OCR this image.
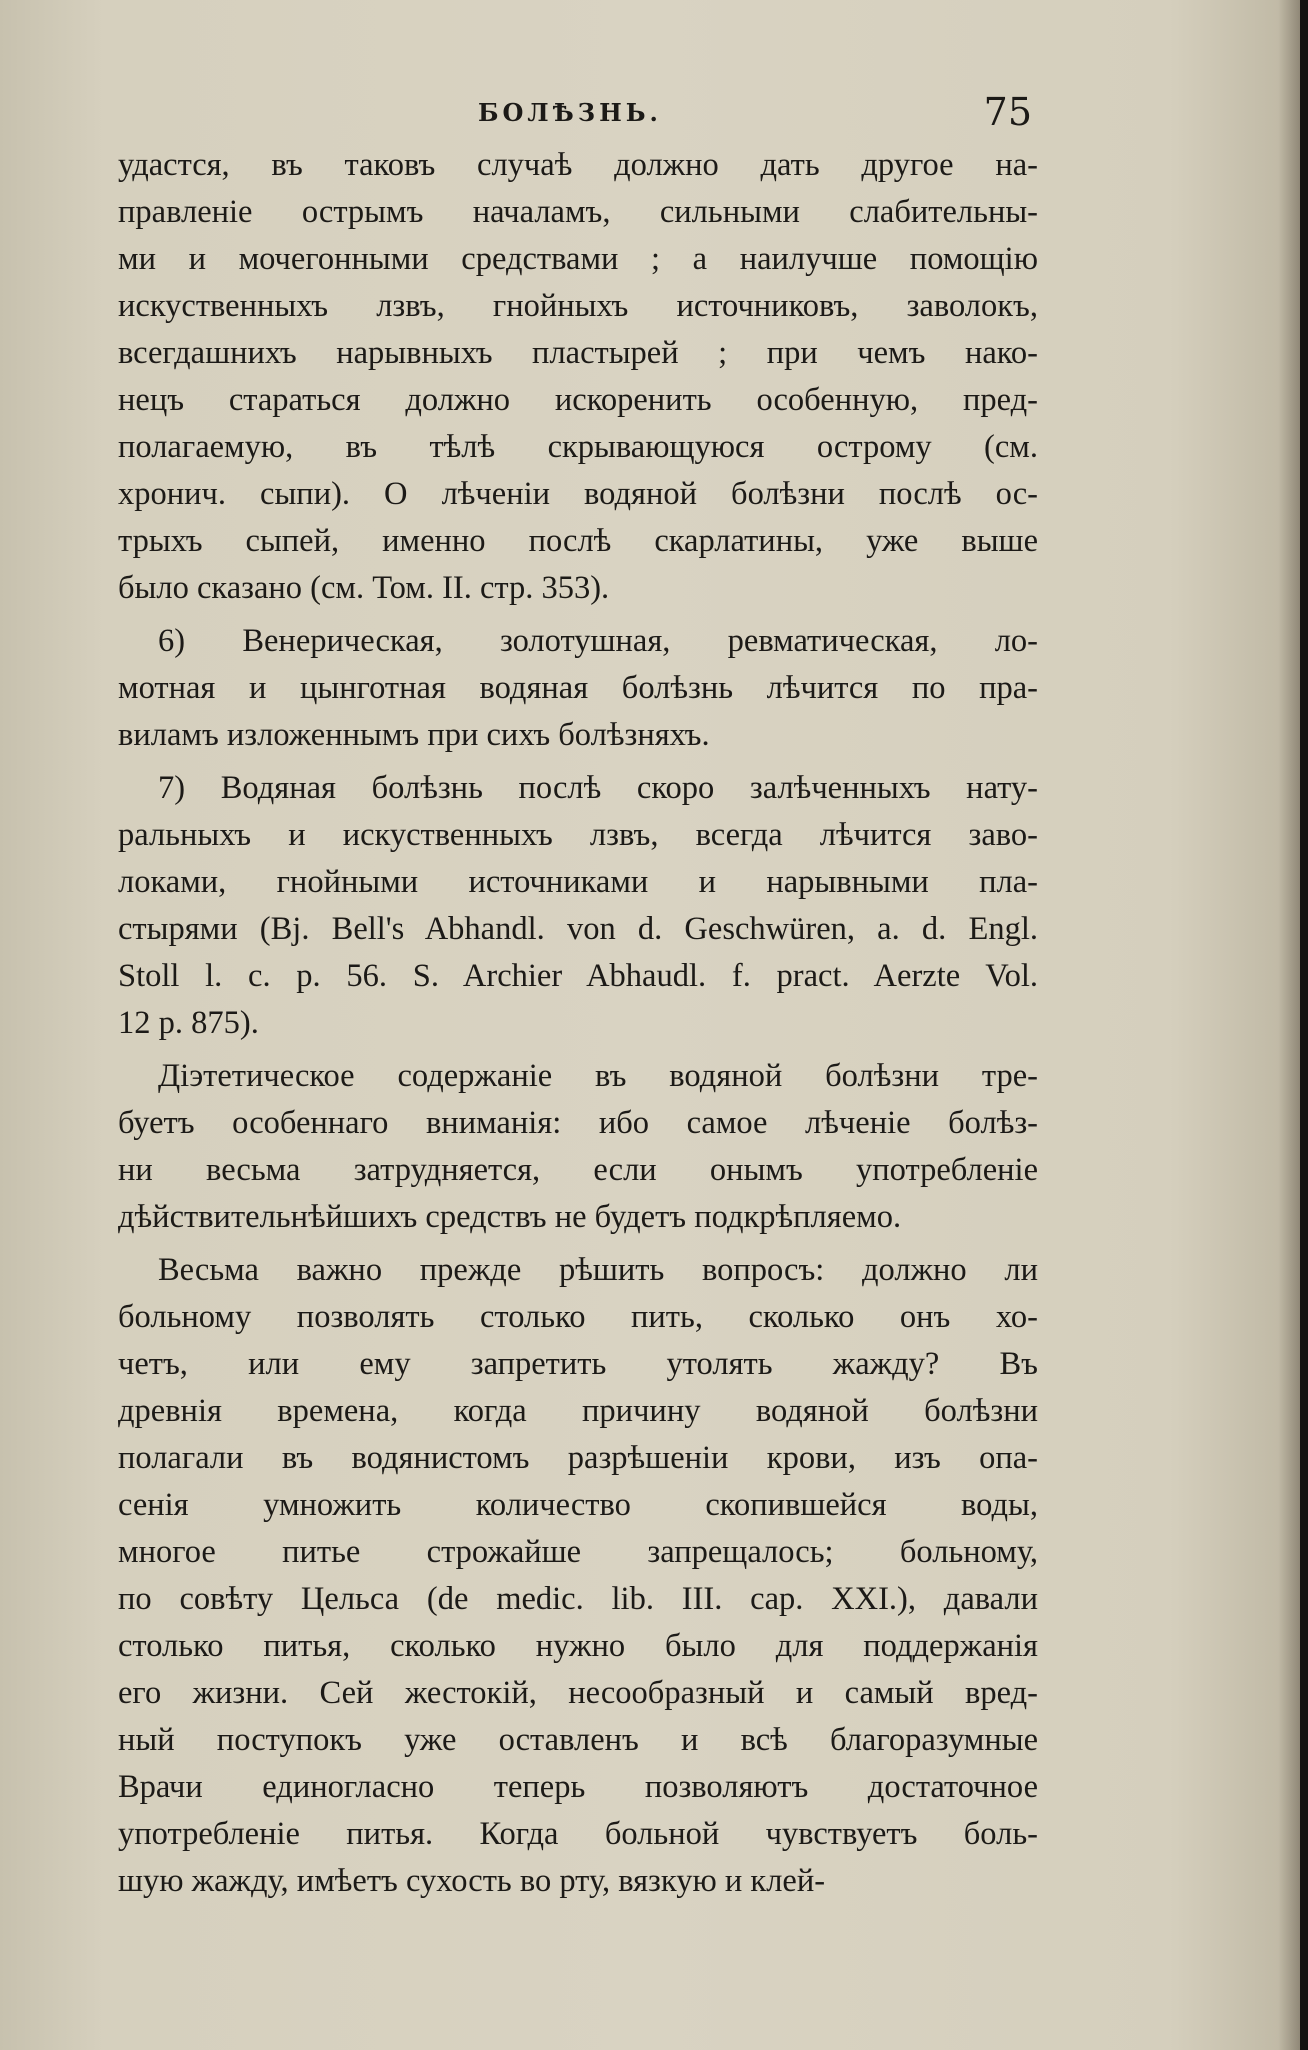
БОЛѢЗНЬ.	75
удастся, въ таковъ случаѣ должно дать другое на-
правленіе острымъ началамъ, сильными слабительны-
ми и мочегонными средствами ; а наилучше помощію
искуственныхъ лзвъ, гнойныхъ источниковъ, заволокъ,
всегдашнихъ нарывныхъ пластырей ; при чемъ нако-
нецъ стараться должно искоренить особенную, пред-
полагаемую, въ тѣлѣ скрывающуюся острому (см.
хронич. сыпи). О лѣченіи водяной болѣзни послѣ ос-
трыхъ сыпей, именно послѣ скарлатины, уже выше
было сказано (см. Том. II. стр. 353).
6) Венерическая, золотушная, ревматическая, ло-
мотная и цынготная водяная болѣзнь лѣчится по пра-
виламъ изложеннымъ при сихъ болѣзняхъ.
7) Водяная болѣзнь послѣ скоро залѣченныхъ нату-
ральныхъ и искуственныхъ лзвъ, всегда лѣчится заво-
локами, гнойными источниками и нарывными пла-
стырями (Bj. Bell's Abhandl. von d. Geschwüren, a. d. Engl.
Stoll l. c. p. 56. S. Archier Abhaudl. f. pract. Aerzte Vol.
12 p. 875).
Діэтетическое содержаніе въ водяной болѣзни тре-
буетъ особеннаго вниманія: ибо самое лѣченіе болѣз-
ни весьма затрудняется, если онымъ употребленіе
дѣйствительнѣйшихъ средствъ не будетъ подкрѣпляемо.
Весьма важно прежде рѣшить вопросъ: должно ли
больному позволять столько пить, сколько онъ хо-
четъ, или ему запретить утолять жажду? Въ
древнія времена, когда причину водяной болѣзни
полагали въ водянистомъ разрѣшеніи крови, изъ опа-
сенія умножить количество скопившейся воды,
многое питье строжайше запрещалось; больному,
по совѣту Цельса (de medic. lib. III. cap. XXI.), давали
столько питья, сколько нужно было для поддержанія
его жизни. Сей жестокій, несообразный и самый вред-
ный поступокъ уже оставленъ и всѣ благоразумные
Врачи единогласно теперь позволяютъ достаточное
употребленіе питья. Когда больной чувствуетъ боль-
шую жажду, имѣетъ сухость во рту, вязкую и клей-
